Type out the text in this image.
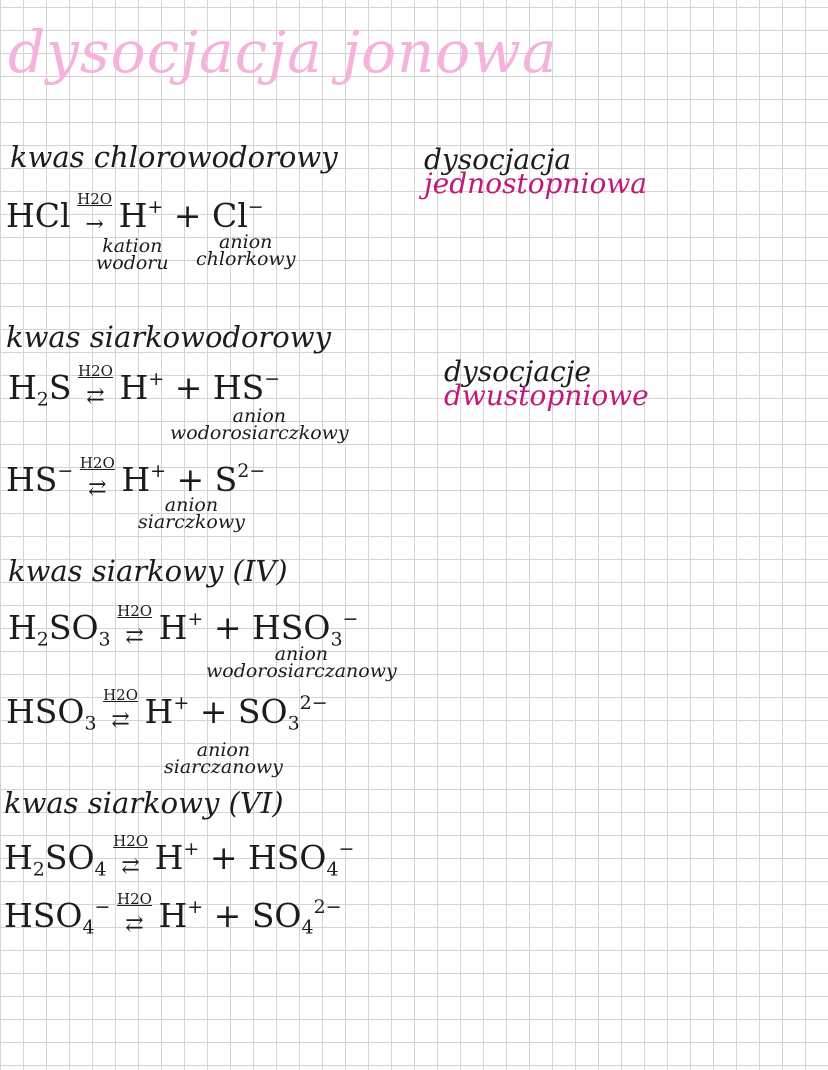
dysocjacja jonowa
kwas chlorowodorowy
HCl H2O
→ H+ + Cl−
kation
wodoru
anion
chlorkowy
dysocjacja
jednostopniowa
kwas siarkowodorowy
$H_2S$ H2O
⇄ H+ + HS−
anion
wodorosiarczkowy
HS− H2O
⇄ $H^+ + S^{2-}$
anion
siarczkowy
dysocjacje
dwustopniowe
kwas siarkowy (IV)
$H_2SO_3$
H2O
⇄ $H^+ + HSO_3^-$
anion
wodorosiarczanowy
$HSO_3$
H2O
⇄ $H^+ + SO_3^{2-}$
anion
siarczanowy
kwas siarkowy (VI)
$H_2SO_4$
H2O
⇄ $H^+ + HSO_4^-$
$HSO_4^-$ H2O
⇄ $H^+ + SO_4^{2-}$
